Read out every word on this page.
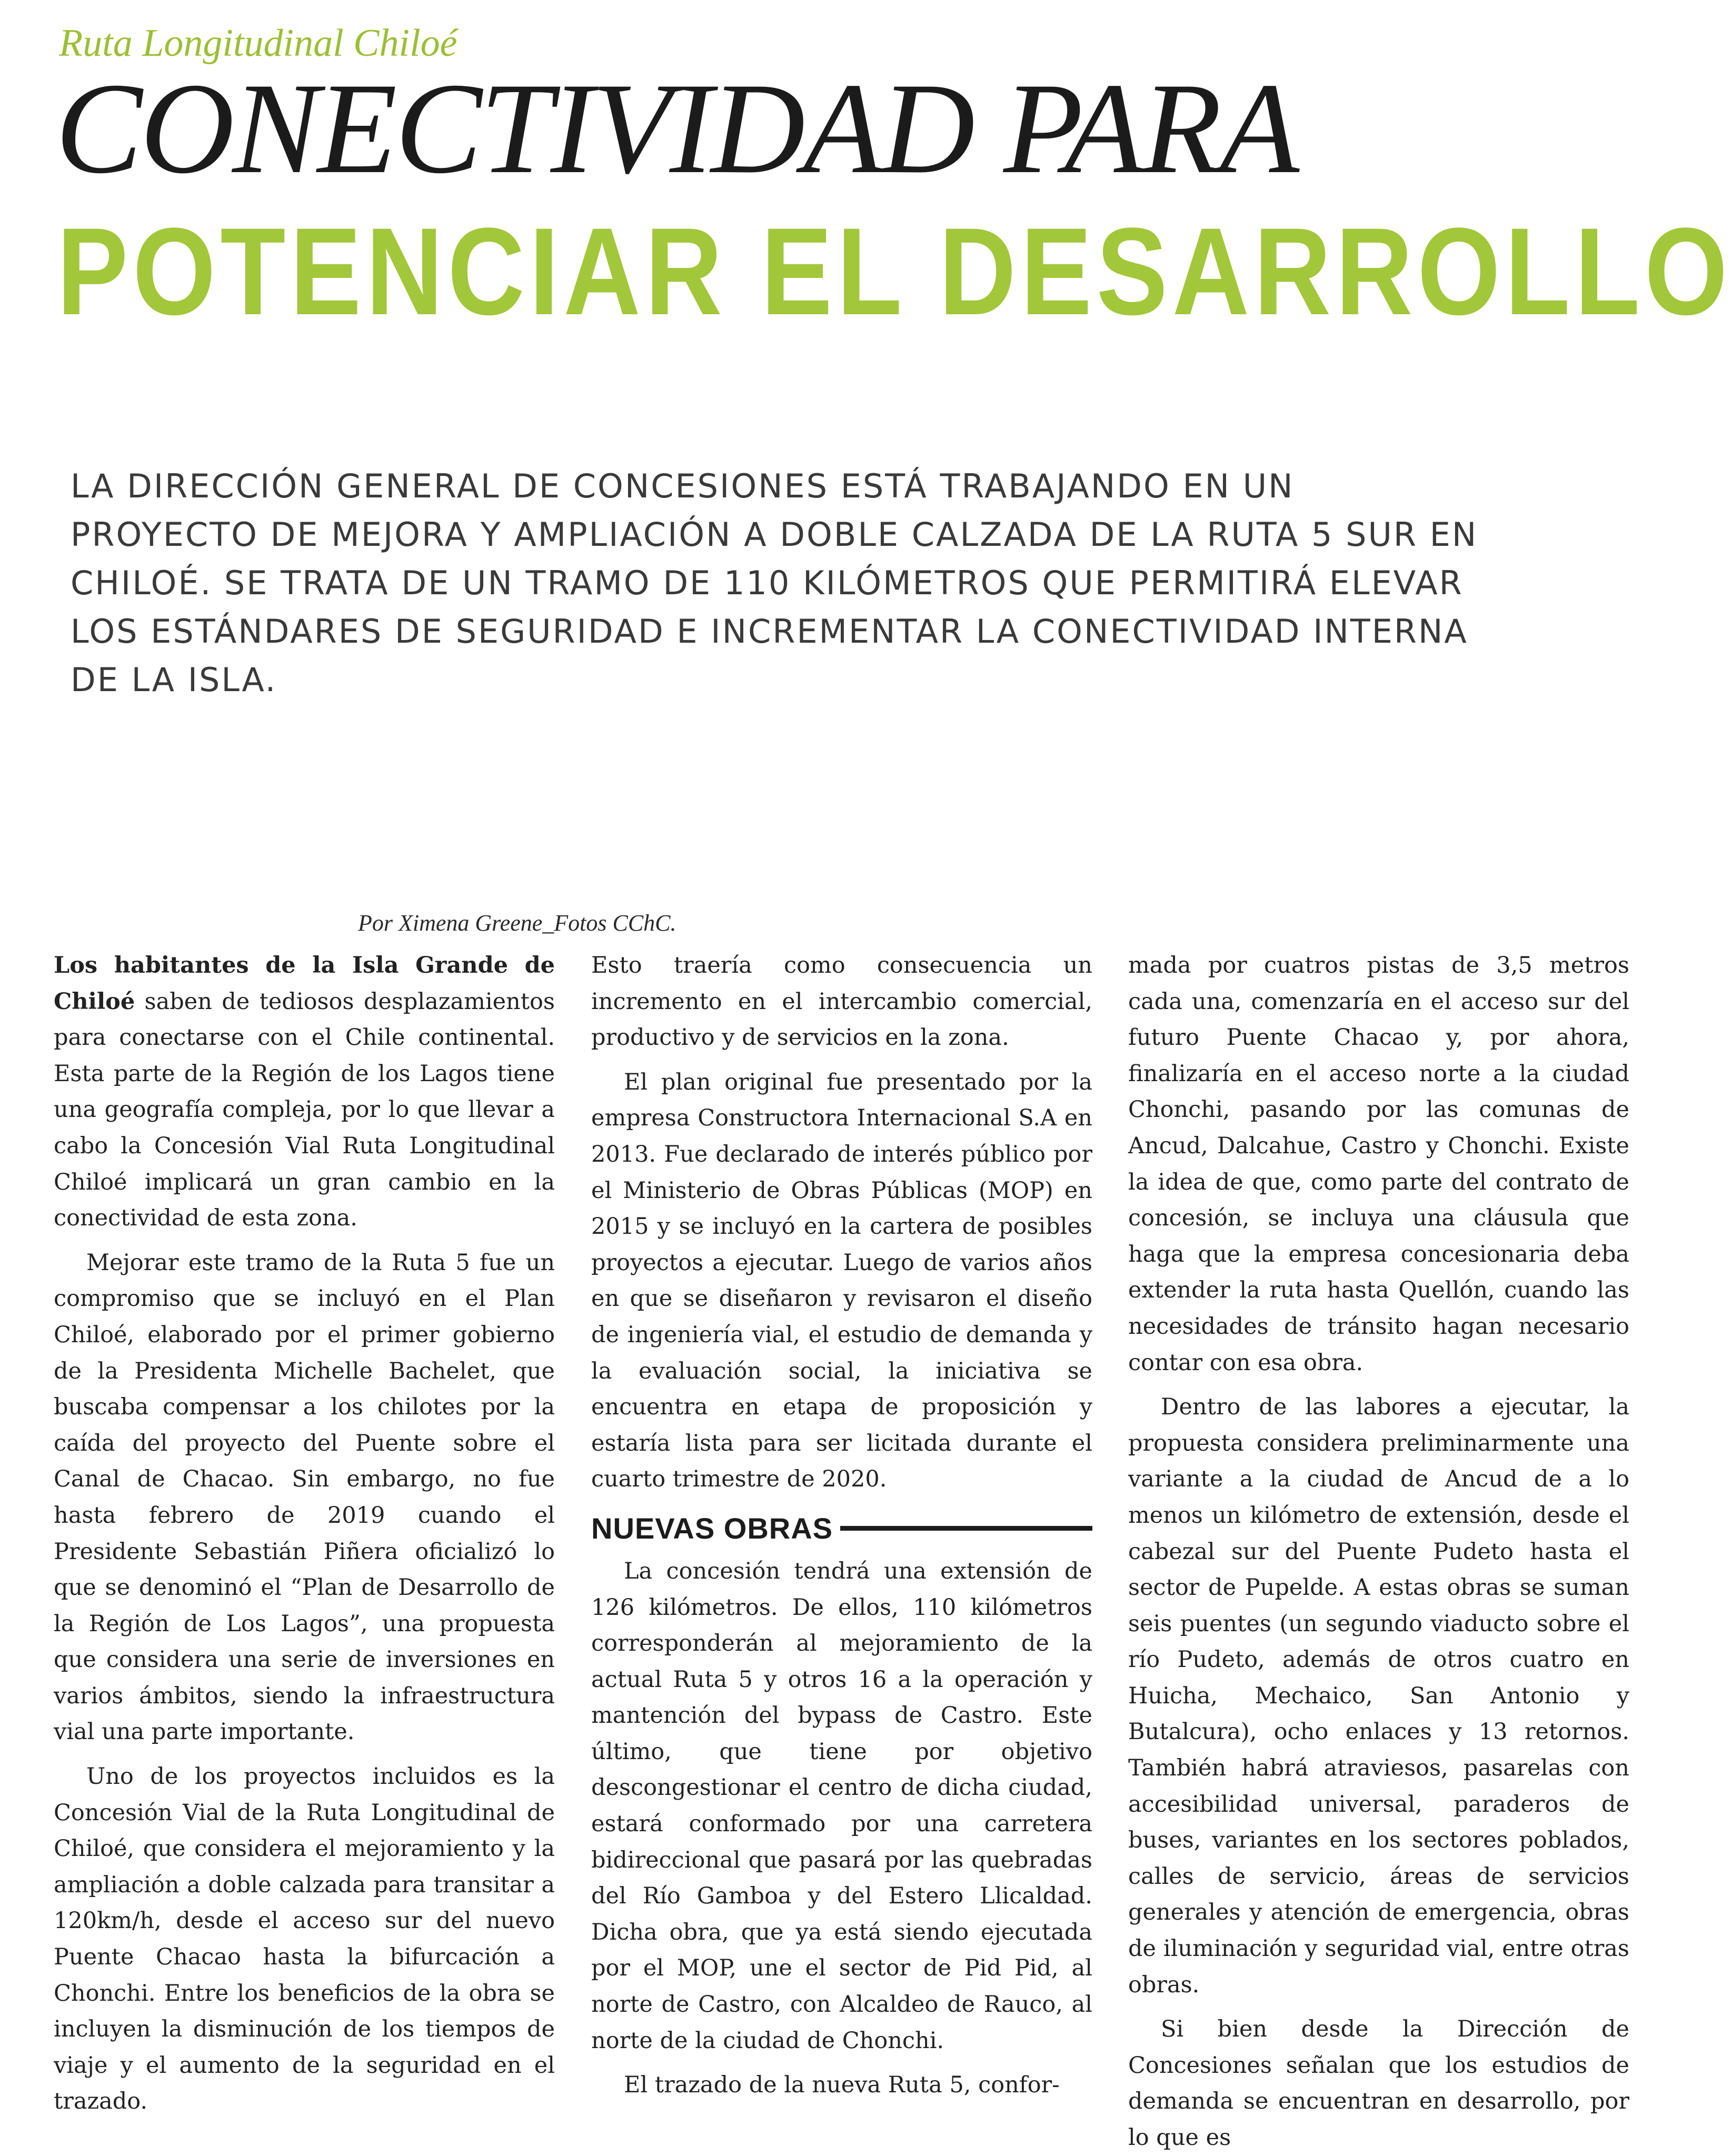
Ruta Longitudinal Chiloé
CONECTIVIDAD PARA
POTENCIAR EL DESARROLLO

LA DIRECCIÓN GENERAL DE CONCESIONES ESTÁ TRABAJANDO EN UN PROYECTO DE MEJORA Y AMPLIACIÓN A DOBLE CALZADA DE LA RUTA 5 SUR EN CHILOÉ. SE TRATA DE UN TRAMO DE 110 KILÓMETROS QUE PERMITIRÁ ELEVAR LOS ESTÁNDARES DE SEGURIDAD E INCREMENTAR LA CONECTIVIDAD INTERNA DE LA ISLA.

Por Ximena Greene_Fotos CChC.

Los habitantes de la Isla Grande de Chiloé saben de tediosos desplazamientos para conectarse con el Chile continental. Esta parte de la Región de los Lagos tiene una geografía compleja, por lo que llevar a cabo la Concesión Vial Ruta Longitudinal Chiloé implicará un gran cambio en la conectividad de esta zona.

Mejorar este tramo de la Ruta 5 fue un compromiso que se incluyó en el Plan Chiloé, elaborado por el primer gobierno de la Presidenta Michelle Bachelet, que buscaba compensar a los chilotes por la caída del proyecto del Puente sobre el Canal de Chacao. Sin embargo, no fue hasta febrero de 2019 cuando el Presidente Sebastián Piñera oficializó lo que se denominó el “Plan de Desarrollo de la Región de Los Lagos”, una propuesta que considera una serie de inversiones en varios ámbitos, siendo la infraestructura vial una parte importante.

Uno de los proyectos incluidos es la Concesión Vial de la Ruta Longitudinal de Chiloé, que considera el mejoramiento y la ampliación a doble calzada para transitar a 120km/h, desde el acceso sur del nuevo Puente Chacao hasta la bifurcación a Chonchi. Entre los beneficios de la obra se incluyen la disminución de los tiempos de viaje y el aumento de la seguridad en el trazado.

Esto traería como consecuencia un incremento en el intercambio comercial, productivo y de servicios en la zona.

El plan original fue presentado por la empresa Constructora Internacional S.A en 2013. Fue declarado de interés público por el Ministerio de Obras Públicas (MOP) en 2015 y se incluyó en la cartera de posibles proyectos a ejecutar. Luego de varios años en que se diseñaron y revisaron el diseño de ingeniería vial, el estudio de demanda y la evaluación social, la iniciativa se encuentra en etapa de proposición y estaría lista para ser licitada durante el cuarto trimestre de 2020.

NUEVAS OBRAS

La concesión tendrá una extensión de 126 kilómetros. De ellos, 110 kilómetros corresponderán al mejoramiento de la actual Ruta 5 y otros 16 a la operación y mantención del bypass de Castro. Este último, que tiene por objetivo descongestionar el centro de dicha ciudad, estará conformado por una carretera bidireccional que pasará por las quebradas del Río Gamboa y del Estero Llicaldad. Dicha obra, que ya está siendo ejecutada por el MOP, une el sector de Pid Pid, al norte de Castro, con Alcaldeo de Rauco, al norte de la ciudad de Chonchi.

El trazado de la nueva Ruta 5, confor-

mada por cuatros pistas de 3,5 metros cada una, comenzaría en el acceso sur del futuro Puente Chacao y, por ahora, finalizaría en el acceso norte a la ciudad Chonchi, pasando por las comunas de Ancud, Dalcahue, Castro y Chonchi. Existe la idea de que, como parte del contrato de concesión, se incluya una cláusula que haga que la empresa concesionaria deba extender la ruta hasta Quellón, cuando las necesidades de tránsito hagan necesario contar con esa obra.

Dentro de las labores a ejecutar, la propuesta considera preliminarmente una variante a la ciudad de Ancud de a lo menos un kilómetro de extensión, desde el cabezal sur del Puente Pudeto hasta el sector de Pupelde. A estas obras se suman seis puentes (un segundo viaducto sobre el río Pudeto, además de otros cuatro en Huicha, Mechaico, San Antonio y Butalcura), ocho enlaces y 13 retornos. También habrá atraviesos, pasarelas con accesibilidad universal, paraderos de buses, variantes en los sectores poblados, calles de servicio, áreas de servicios generales y atención de emergencia, obras de iluminación y seguridad vial, entre otras obras.

Si bien desde la Dirección de Concesiones señalan que los estudios de demanda se encuentran en desarrollo, por lo que es
